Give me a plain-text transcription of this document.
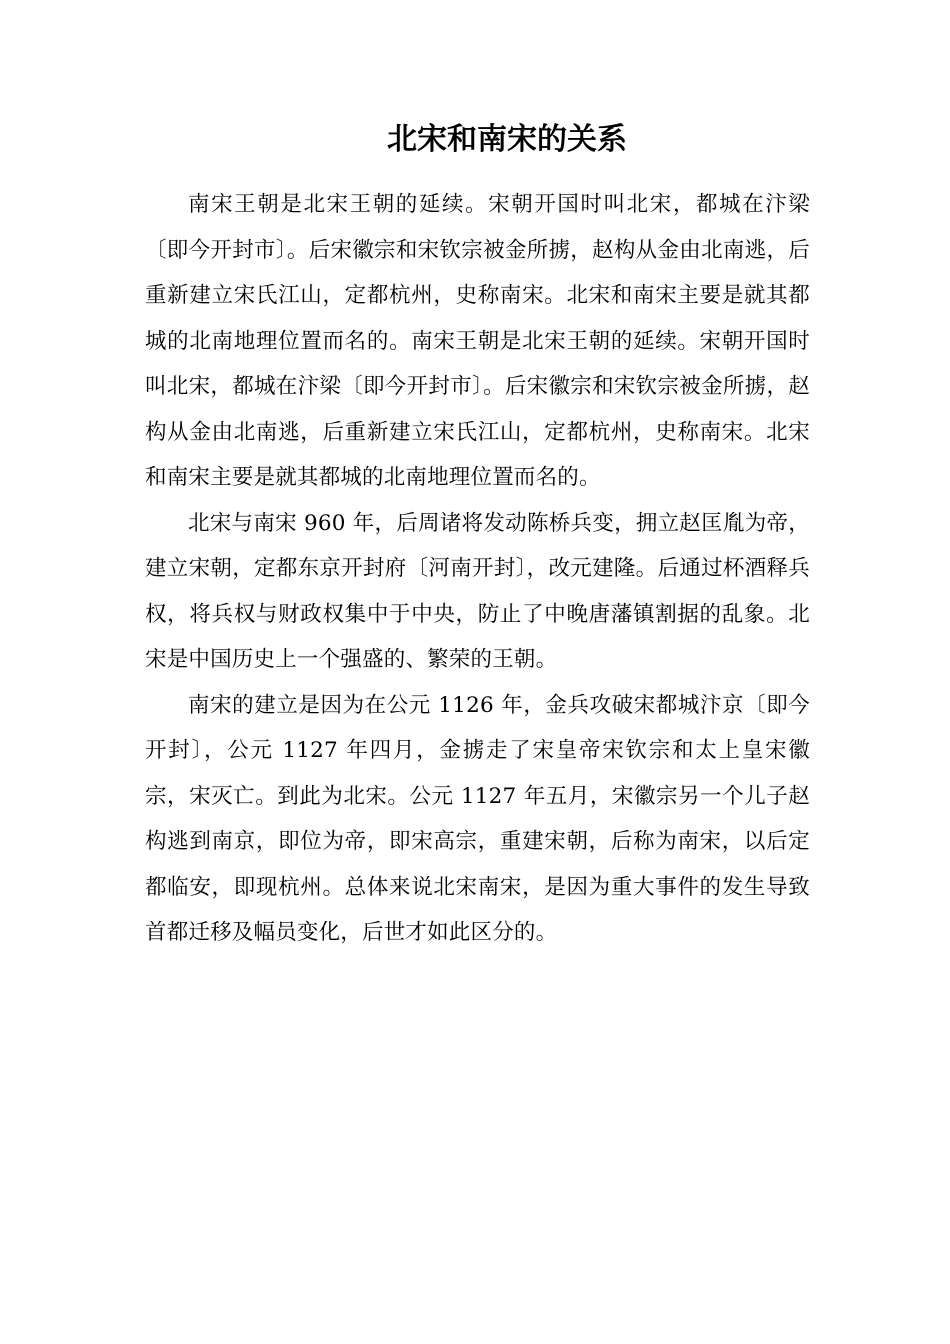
北宋和南宋的关系

南宋王朝是北宋王朝的延续。宋朝开国时叫北宋，都城在汴梁〔即今开封市〕。后宋徽宗和宋钦宗被金所掳，赵构从金由北南逃，后重新建立宋氏江山，定都杭州，史称南宋。北宋和南宋主要是就其都城的北南地理位置而名的。南宋王朝是北宋王朝的延续。宋朝开国时叫北宋，都城在汴梁〔即今开封市〕。后宋徽宗和宋钦宗被金所掳，赵构从金由北南逃，后重新建立宋氏江山，定都杭州，史称南宋。北宋和南宋主要是就其都城的北南地理位置而名的。

北宋与南宋 960 年，后周诸将发动陈桥兵变，拥立赵匡胤为帝，建立宋朝，定都东京开封府〔河南开封〕，改元建隆。后通过杯酒释兵权，将兵权与财政权集中于中央，防止了中晚唐藩镇割据的乱象。北宋是中国历史上一个强盛的、繁荣的王朝。

南宋的建立是因为在公元 1126 年，金兵攻破宋都城汴京〔即今开封〕，公元 1127 年四月，金掳走了宋皇帝宋钦宗和太上皇宋徽宗，宋灭亡。到此为北宋。公元 1127 年五月，宋徽宗另一个儿子赵构逃到南京，即位为帝，即宋高宗，重建宋朝，后称为南宋，以后定都临安，即现杭州。总体来说北宋南宋，是因为重大事件的发生导致首都迁移及幅员变化，后世才如此区分的。
